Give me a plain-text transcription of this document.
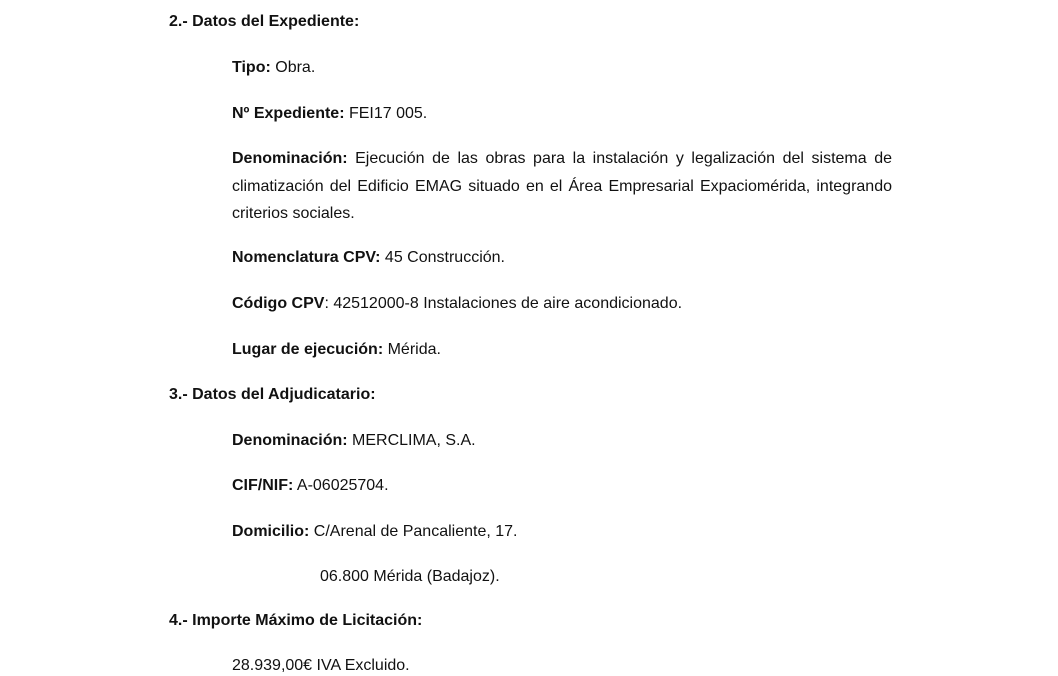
2.- Datos del Expediente:
Tipo: Obra.
Nº Expediente: FEI17 005.
Denominación: Ejecución de las obras para la instalación y legalización del sistema de climatización del Edificio EMAG situado en el Área Empresarial Expaciomérida, integrando criterios sociales.
Nomenclatura CPV: 45 Construcción.
Código CPV: 42512000-8 Instalaciones de aire acondicionado.
Lugar de ejecución: Mérida.
3.- Datos del Adjudicatario:
Denominación: MERCLIMA, S.A.
CIF/NIF: A-06025704.
Domicilio: C/Arenal de Pancaliente, 17.
06.800 Mérida (Badajoz).
4.- Importe Máximo de Licitación:
28.939,00€ IVA Excluido.
